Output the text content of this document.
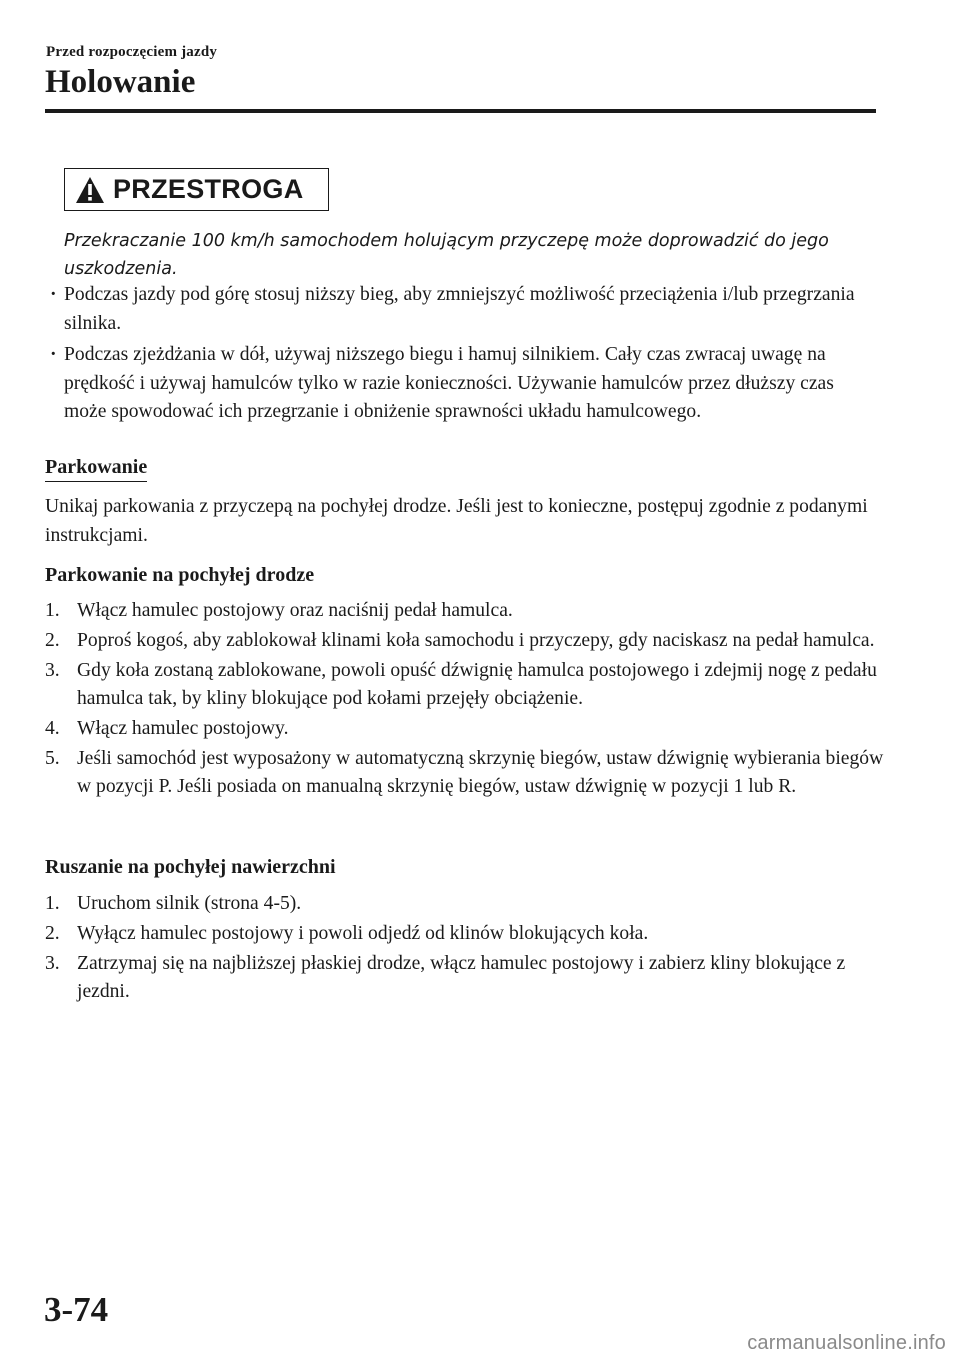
Przed rozpoczęciem jazdy
Holowanie
PRZESTROGA
Przekraczanie 100 km/h samochodem holującym przyczepę może doprowadzić do jego uszkodzenia.
· Podczas jazdy pod górę stosuj niższy bieg, aby zmniejszyć możliwość przeciążenia i/lub przegrzania silnika.
· Podczas zjeżdżania w dół, używaj niższego biegu i hamuj silnikiem. Cały czas zwracaj uwagę na prędkość i używaj hamulców tylko w razie konieczności. Używanie hamulców przez dłuższy czas może spowodować ich przegrzanie i obniżenie sprawności układu hamulcowego.
Parkowanie

Unikaj parkowania z przyczepą na pochyłej drodze. Jeśli jest to konieczne, postępuj zgodnie z podanymi instrukcjami.

Parkowanie na pochyłej drodze
1. Włącz hamulec postojowy oraz naciśnij pedał hamulca.
2. Poproś kogoś, aby zablokował klinami koła samochodu i przyczepy, gdy naciskasz na pedał hamulca.
3. Gdy koła zostaną zablokowane, powoli opuść dźwignię hamulca postojowego i zdejmij nogę z pedału hamulca tak, by kliny blokujące pod kołami przejęły obciążenie.
4. Włącz hamulec postojowy.
5. Jeśli samochód jest wyposażony w automatyczną skrzynię biegów, ustaw dźwignię wybierania biegów w pozycji P. Jeśli posiada on manualną skrzynię biegów, ustaw dźwignię w pozycji 1 lub R.
Ruszanie na pochyłej nawierzchni
1. Uruchom silnik (strona 4-5).
2. Wyłącz hamulec postojowy i powoli odjedź od klinów blokujących koła.
3. Zatrzymaj się na najbliższej płaskiej drodze, włącz hamulec postojowy i zabierz kliny blokujące z jezdni.
3-74
carmanualsonline.info
